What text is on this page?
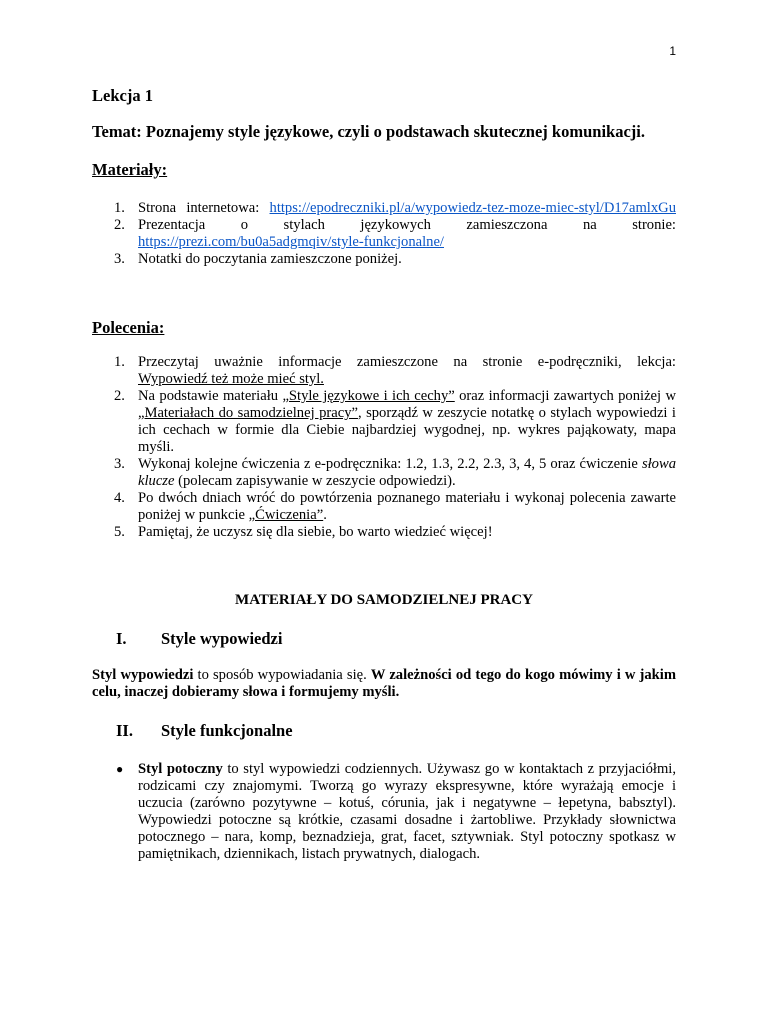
1
Lekcja 1
Temat: Poznajemy style językowe, czyli o podstawach skutecznej komunikacji.
Materiały:
1. Strona internetowa: https://epodreczniki.pl/a/wypowiedz-tez-moze-miec-styl/D17amlxGu
2. Prezentacja o stylach językowych zamieszczona na stronie:
https://prezi.com/bu0a5adgmqiv/style-funkcjonalne/
3. Notatki do poczytania zamieszczone poniżej.
Polecenia:
1. Przeczytaj uważnie informacje zamieszczone na stronie e-podręczniki, lekcja:
Wypowiedź też może mieć styl.
2. Na podstawie materiału „Style językowe i ich cechy” oraz informacji zawartych poniżej w „Materiałach do samodzielnej pracy”, sporządź w zeszycie notatkę o stylach wypowiedzi i ich cechach w formie dla Ciebie najbardziej wygodnej, np. wykres pająkowaty, mapa myśli.
3. Wykonaj kolejne ćwiczenia z e-podręcznika: 1.2, 1.3, 2.2, 2.3, 3, 4, 5 oraz ćwiczenie słowa klucze (polecam zapisywanie w zeszycie odpowiedzi).
4. Po dwóch dniach wróć do powtórzenia poznanego materiału i wykonaj polecenia zawarte poniżej w punkcie „Ćwiczenia”.
5. Pamiętaj, że uczysz się dla siebie, bo warto wiedzieć więcej!
MATERIAŁY DO SAMODZIELNEJ PRACY
I. Style wypowiedzi
Styl wypowiedzi to sposób wypowiadania się. W zależności od tego do kogo mówimy i w jakim celu, inaczej dobieramy słowa i formujemy myśli.
II. Style funkcjonalne
● Styl potoczny to styl wypowiedzi codziennych. Używasz go w kontaktach z przyjaciółmi, rodzicami czy znajomymi. Tworzą go wyrazy ekspresywne, które wyrażają emocje i uczucia (zarówno pozytywne – kotuś, córunia, jak i negatywne – łepetyna, babsztyl). Wypowiedzi potoczne są krótkie, czasami dosadne i żartobliwe. Przykłady słownictwa potocznego – nara, komp, beznadzieja, grat, facet, sztywniak. Styl potoczny spotkasz w pamiętnikach, dziennikach, listach prywatnych, dialogach.
